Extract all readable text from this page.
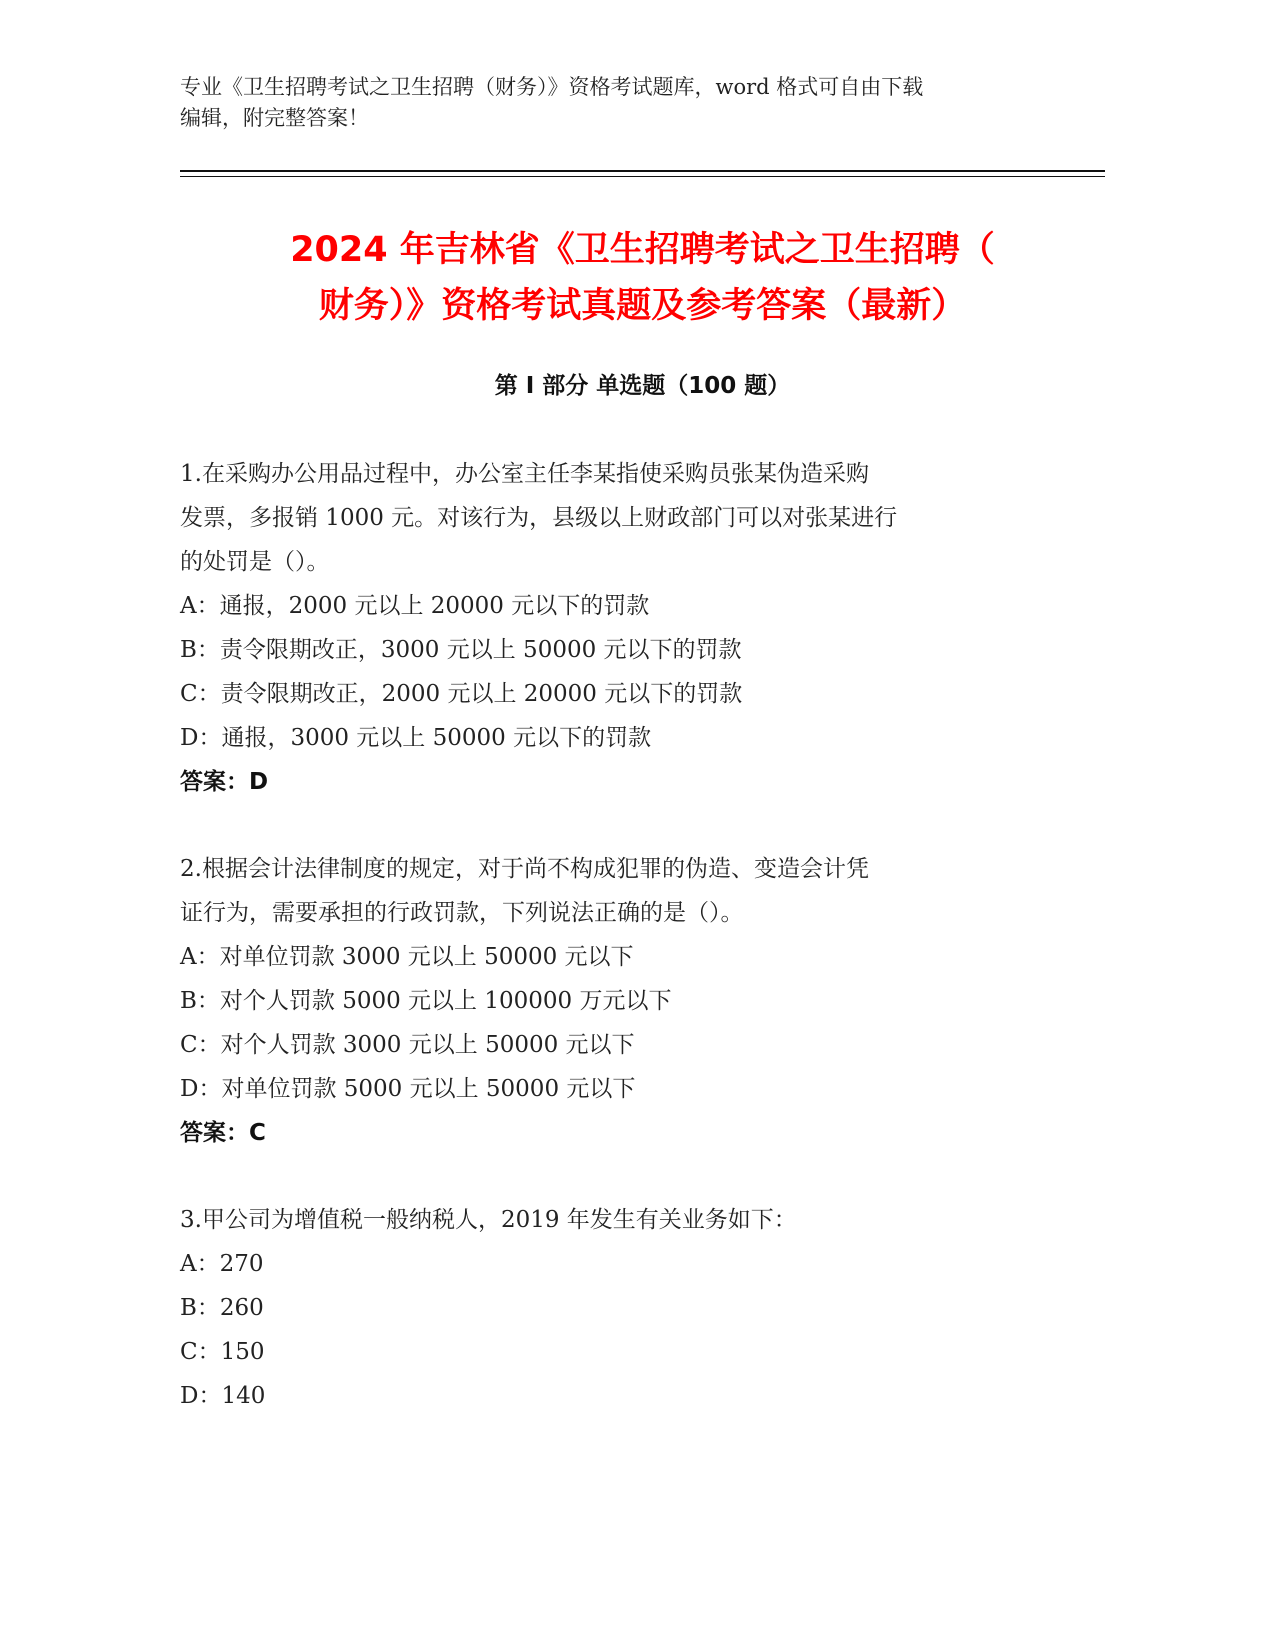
专业《卫生招聘考试之卫生招聘（财务）》资格考试题库，word 格式可自由下载
编辑，附完整答案！

2024 年吉林省《卫生招聘考试之卫生招聘（
财务）》资格考试真题及参考答案（最新）
第 I 部分 单选题（100 题）
1.在采购办公用品过程中，办公室主任李某指使采购员张某伪造采购
发票，多报销 1000 元。对该行为，县级以上财政部门可以对张某进行
的处罚是（）。
A：通报，2000 元以上 20000 元以下的罚款
B：责令限期改正，3000 元以上 50000 元以下的罚款
C：责令限期改正，2000 元以上 20000 元以下的罚款
D：通报，3000 元以上 50000 元以下的罚款
答案：D
2.根据会计法律制度的规定，对于尚不构成犯罪的伪造、变造会计凭
证行为，需要承担的行政罚款，下列说法正确的是（）。
A：对单位罚款 3000 元以上 50000 元以下
B：对个人罚款 5000 元以上 100000 万元以下
C：对个人罚款 3000 元以上 50000 元以下
D：对单位罚款 5000 元以上 50000 元以下
答案：C
3.甲公司为增值税一般纳税人，2019 年发生有关业务如下：
A：270
B：260
C：150
D：140
